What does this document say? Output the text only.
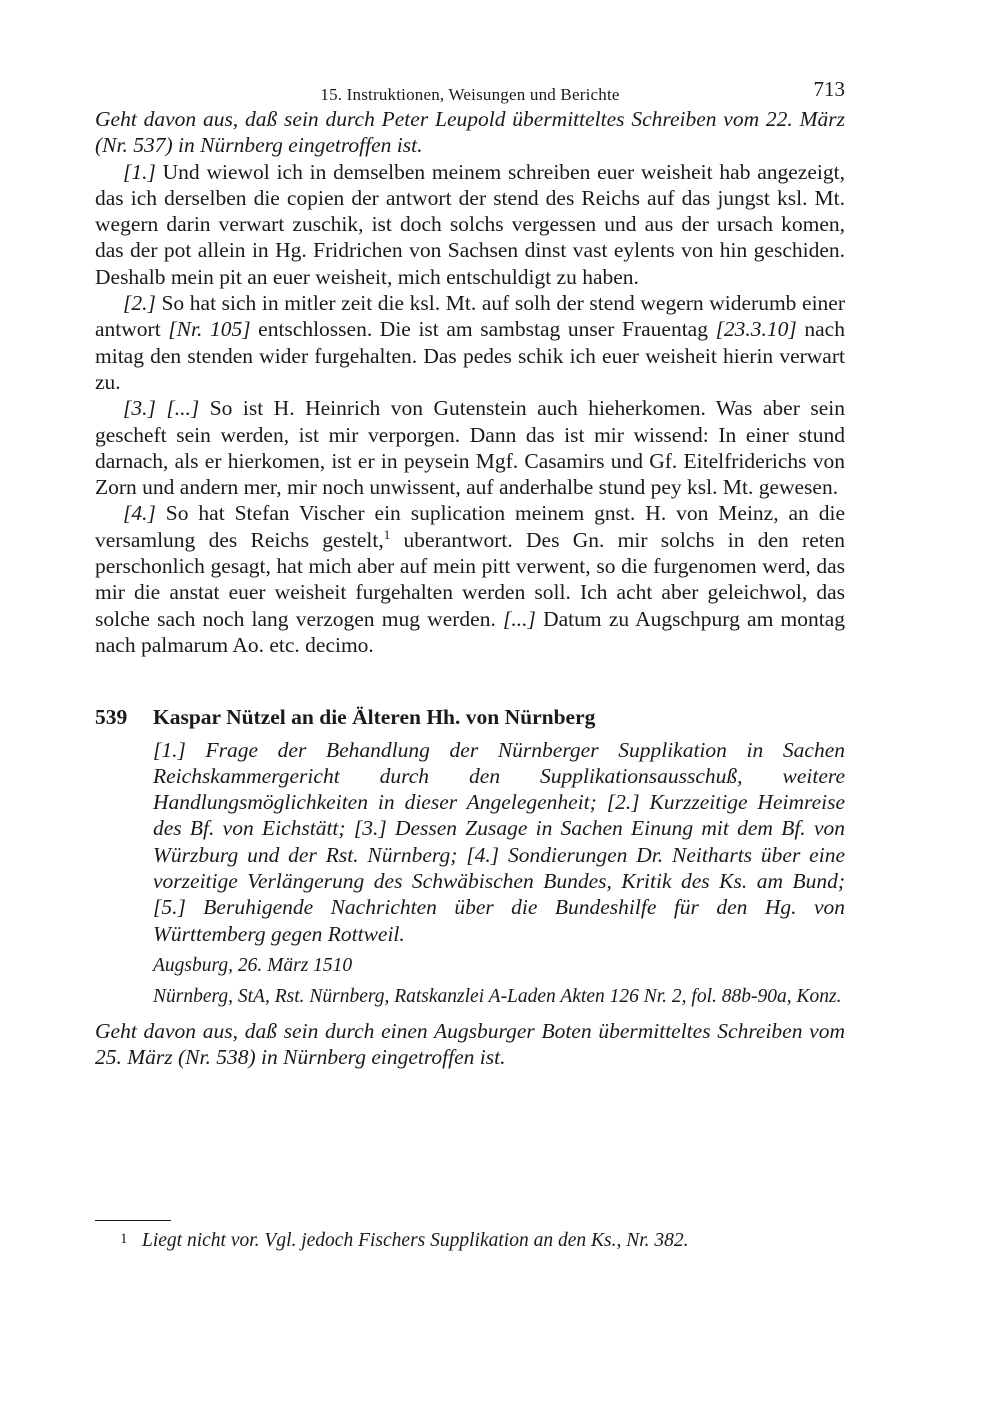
15. Instruktionen, Weisungen und Berichte	713

Geht davon aus, daß sein durch Peter Leupold übermitteltes Schreiben vom 22. März (Nr. 537) in Nürnberg eingetroffen ist.

[1.] Und wiewol ich in demselben meinem schreiben euer weisheit hab angezeigt, das ich derselben die copien der antwort der stend des Reichs auf das jungst ksl. Mt. wegern darin verwart zuschik, ist doch solchs vergessen und aus der ursach komen, das der pot allein in Hg. Fridrichen von Sachsen dinst vast eylents von hin geschiden. Deshalb mein pit an euer weisheit, mich entschuldigt zu haben.

[2.] So hat sich in mitler zeit die ksl. Mt. auf solh der stend wegern widerumb einer antwort [Nr. 105] entschlossen. Die ist am sambstag unser Frauentag [23.3.10] nach mitag den stenden wider furgehalten. Das pedes schik ich euer weisheit hierin verwart zu.

[3.] [...] So ist H. Heinrich von Gutenstein auch hieherkomen. Was aber sein gescheft sein werden, ist mir verporgen. Dann das ist mir wissend: In einer stund darnach, als er hierkomen, ist er in peysein Mgf. Casamirs und Gf. Eitelfriderichs von Zorn und andern mer, mir noch unwissent, auf anderhalbe stund pey ksl. Mt. gewesen.

[4.] So hat Stefan Vischer ein suplication meinem gnst. H. von Meinz, an die versamlung des Reichs gestelt,$^1$ uberantwort. Des Gn. mir solchs in den reten perschonlich gesagt, hat mich aber auf mein pitt verwent, so die furgenomen werd, das mir die anstat euer weisheit furgehalten werden soll. Ich acht aber geleichwol, das solche sach noch lang verzogen mug werden. [...] Datum zu Augschpurg am montag nach palmarum Ao. etc. decimo.

539	Kaspar Nützel an die Älteren Hh. von Nürnberg

[1.] Frage der Behandlung der Nürnberger Supplikation in Sachen Reichskammergericht durch den Supplikationsausschuß, weitere Handlungsmöglichkeiten in dieser Angelegenheit; [2.] Kurzzeitige Heimreise des Bf. von Eichstätt; [3.] Dessen Zusage in Sachen Einung mit dem Bf. von Würzburg und der Rst. Nürnberg; [4.] Sondierungen Dr. Neitharts über eine vorzeitige Verlängerung des Schwäbischen Bundes, Kritik des Ks. am Bund; [5.] Beruhigende Nachrichten über die Bundeshilfe für den Hg. von Württemberg gegen Rottweil.

Augsburg, 26. März 1510

Nürnberg, StA, Rst. Nürnberg, Ratskanzlei A-Laden Akten 126 Nr. 2, fol. 88b-90a, Konz.

Geht davon aus, daß sein durch einen Augsburger Boten übermitteltes Schreiben vom 25. März (Nr. 538) in Nürnberg eingetroffen ist.

1 Liegt nicht vor. Vgl. jedoch Fischers Supplikation an den Ks., Nr. 382.
